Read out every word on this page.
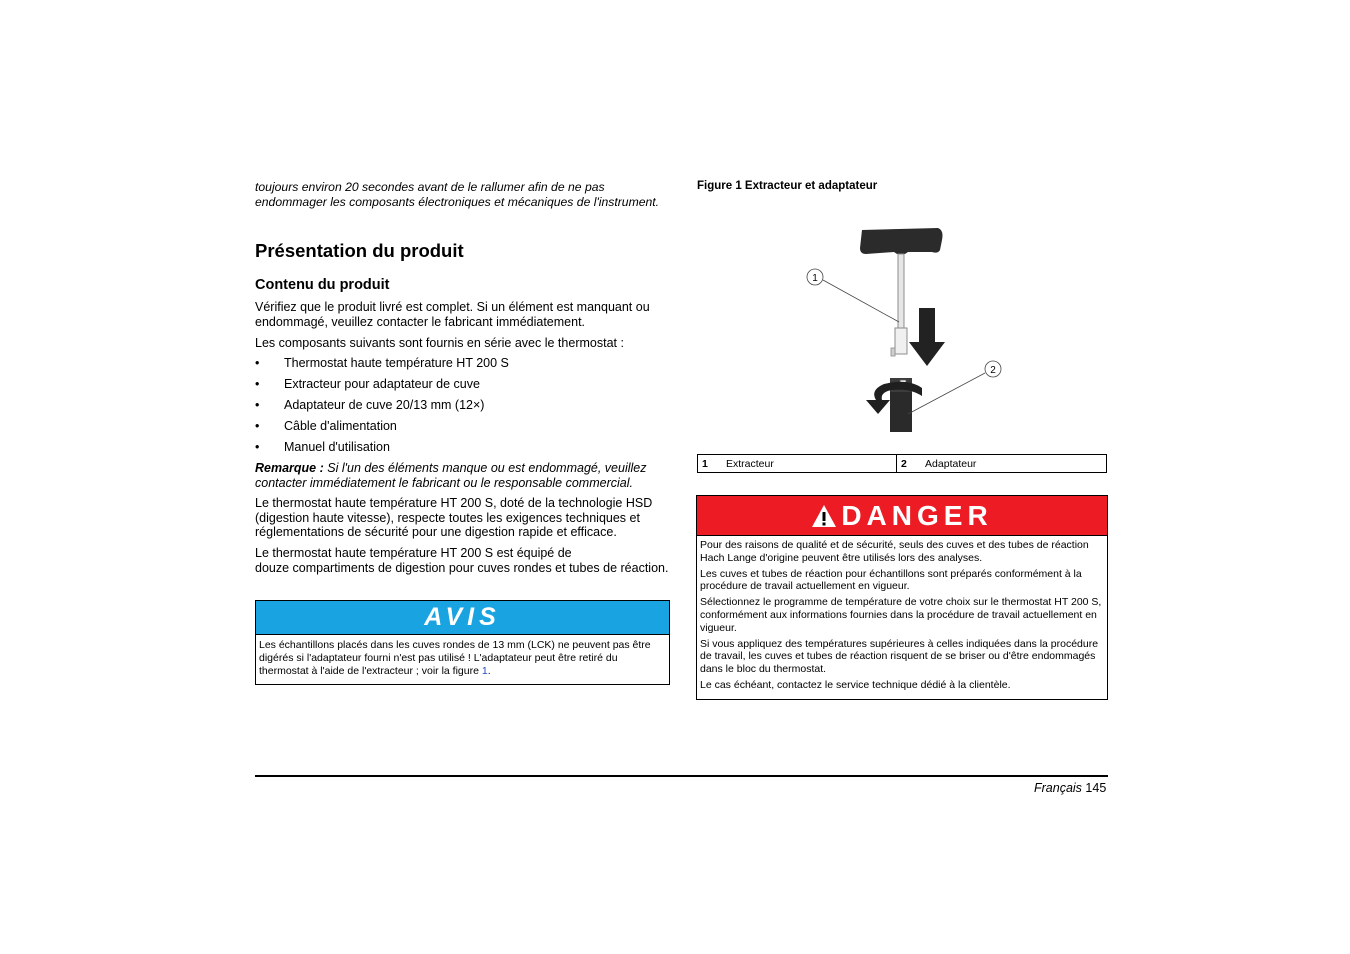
toujours environ 20 secondes avant de le rallumer afin de ne pas endommager les composants électroniques et mécaniques de l'instrument.
Présentation du produit
Contenu du produit
Vérifiez que le produit livré est complet. Si un élément est manquant ou endommagé, veuillez contacter le fabricant immédiatement.
Les composants suivants sont fournis en série avec le thermostat :
• Thermostat haute température HT 200 S
• Extracteur pour adaptateur de cuve
• Adaptateur de cuve 20/13 mm (12×)
• Câble d'alimentation
• Manuel d'utilisation
Remarque : Si l'un des éléments manque ou est endommagé, veuillez contacter immédiatement le fabricant ou le responsable commercial.
Le thermostat haute température HT 200 S, doté de la technologie HSD (digestion haute vitesse), respecte toutes les exigences techniques et réglementations de sécurité pour une digestion rapide et efficace.
Le thermostat haute température HT 200 S est équipé de
douze compartiments de digestion pour cuves rondes et tubes de réaction.
AVIS
Les échantillons placés dans les cuves rondes de 13 mm (LCK) ne peuvent pas être digérés si l'adaptateur fourni n'est pas utilisé ! L'adaptateur peut être retiré du thermostat à l'aide de l'extracteur ; voir la figure 1.
Figure 1 Extracteur et adaptateur
1
2
1	Extracteur	2	Adaptateur
DANGER
Pour des raisons de qualité et de sécurité, seuls des cuves et des tubes de réaction Hach Lange d'origine peuvent être utilisés lors des analyses.
Les cuves et tubes de réaction pour échantillons sont préparés conformément à la procédure de travail actuellement en vigueur.
Sélectionnez le programme de température de votre choix sur le thermostat HT 200 S, conformément aux informations fournies dans la procédure de travail actuellement en vigueur.
Si vous appliquez des températures supérieures à celles indiquées dans la procédure de travail, les cuves et tubes de réaction risquent de se briser ou d'être endommagés dans le bloc du thermostat.
Le cas échéant, contactez le service technique dédié à la clientèle.
Français 145
